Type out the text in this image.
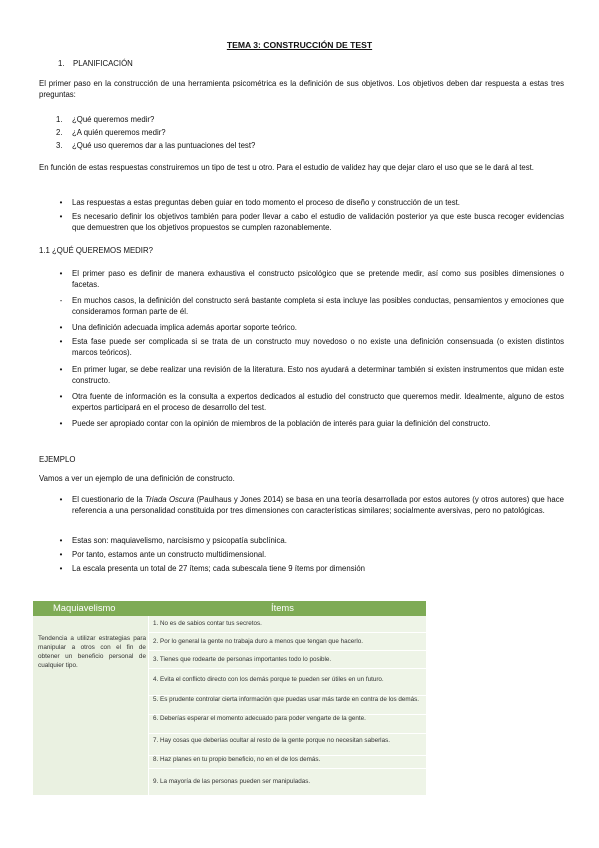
TEMA 3: CONSTRUCCIÓN DE TEST
1. PLANIFICACIÓN
El primer paso en la construcción de una herramienta psicométrica es la definición de sus objetivos. Los objetivos deben dar respuesta a estas tres preguntas:
1. ¿Qué queremos medir?
2. ¿A quién queremos medir?
3. ¿Qué uso queremos dar a las puntuaciones del test?
En función de estas respuestas construiremos un tipo de test u otro. Para el estudio de validez hay que dejar claro el uso que se le dará al test.
•	Las respuestas a estas preguntas deben guiar en todo momento el proceso de diseño y construcción de un test.
•	Es necesario definir los objetivos también para poder llevar a cabo el estudio de validación posterior ya que este busca recoger evidencias que demuestren que los objetivos propuestos se cumplen razonablemente.
1.1 ¿QUÉ QUEREMOS MEDIR?
•	El primer paso es definir de manera exhaustiva el constructo psicológico que se pretende medir, así como sus posibles dimensiones o facetas.
-	En muchos casos, la definición del constructo será bastante completa si esta incluye las posibles conductas, pensamientos y emociones que consideramos forman parte de él.
•	Una definición adecuada implica además aportar soporte teórico.
•	Esta fase puede ser complicada si se trata de un constructo muy novedoso o no existe una definición consensuada (o existen distintos marcos teóricos).
•	En primer lugar, se debe realizar una revisión de la literatura. Esto nos ayudará a determinar también si existen instrumentos que midan este constructo.
•	Otra fuente de información es la consulta a expertos dedicados al estudio del constructo que queremos medir. Idealmente, alguno de estos expertos participará en el proceso de desarrollo del test.
•	Puede ser apropiado contar con la opinión de miembros de la población de interés para guiar la definición del constructo.
EJEMPLO
Vamos a ver un ejemplo de una definición de constructo.
•	El cuestionario de la Triada Oscura (Paulhaus y Jones 2014) se basa en una teoría desarrollada por estos autores (y otros autores) que hace referencia a una personalidad constituida por tres dimensiones con características similares; socialmente aversivas, pero no patológicas.
•	Estas son: maquiavelismo, narcisismo y psicopatía subclínica.
•	Por tanto, estamos ante un constructo multidimensional.
•	La escala presenta un total de 27 ítems; cada subescala tiene 9 ítems por dimensión
Maquiavelismo	Ítems
Tendencia a utilizar estrategias para manipular a otros con el fin de obtener un beneficio personal de cualquier tipo.
1. No es de sabios contar tus secretos.
2. Por lo general la gente no trabaja duro a menos que tengan que hacerlo.
3. Tienes que rodearte de personas importantes todo lo posible.
4. Evita el conflicto directo con los demás porque te pueden ser útiles en un futuro.
5. Es prudente controlar cierta información que puedas usar más tarde en contra de los demás.
6. Deberías esperar el momento adecuado para poder vengarte de la gente.
7. Hay cosas que deberías ocultar al resto de la gente porque no necesitan saberlas.
8. Haz planes en tu propio beneficio, no en el de los demás.
9. La mayoría de las personas pueden ser manipuladas.
